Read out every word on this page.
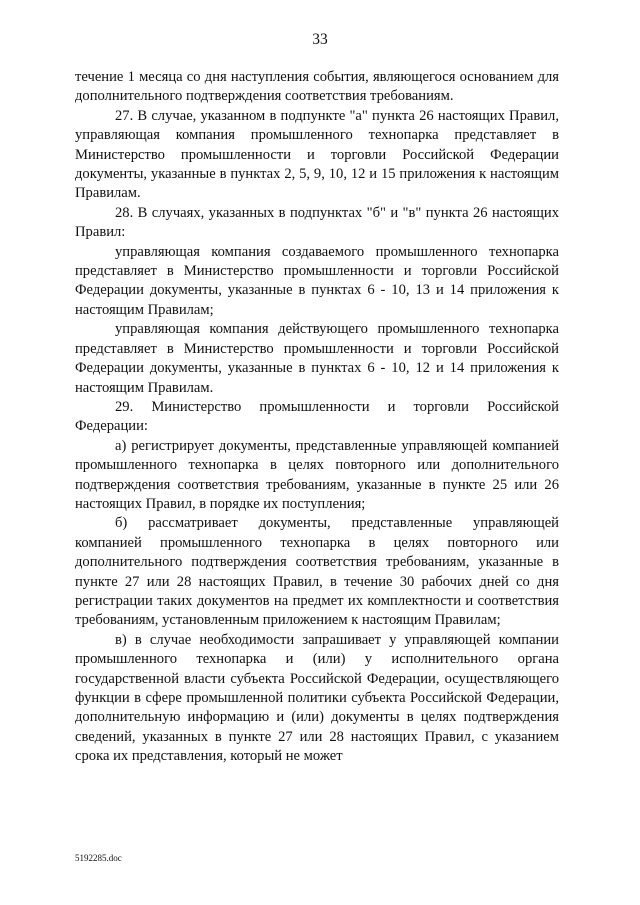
33

течение 1 месяца со дня наступления события, являющегося основанием для дополнительного подтверждения соответствия требованиям.

27. В случае, указанном в подпункте "а" пункта 26 настоящих Правил, управляющая компания промышленного технопарка представляет в Министерство промышленности и торговли Российской Федерации документы, указанные в пунктах 2, 5, 9, 10, 12 и 15 приложения к настоящим Правилам.

28. В случаях, указанных в подпунктах "б" и "в" пункта 26 настоящих Правил:

управляющая компания создаваемого промышленного технопарка представляет в Министерство промышленности и торговли Российской Федерации документы, указанные в пунктах 6 - 10, 13 и 14 приложения к настоящим Правилам;

управляющая компания действующего промышленного технопарка представляет в Министерство промышленности и торговли Российской Федерации документы, указанные в пунктах 6 - 10, 12 и 14 приложения к настоящим Правилам.

29. Министерство промышленности и торговли Российской Федерации:

а) регистрирует документы, представленные управляющей компанией промышленного технопарка в целях повторного или дополнительного подтверждения соответствия требованиям, указанные в пункте 25 или 26 настоящих Правил, в порядке их поступления;

б) рассматривает документы, представленные управляющей компанией промышленного технопарка в целях повторного или дополнительного подтверждения соответствия требованиям, указанные в пункте 27 или 28 настоящих Правил, в течение 30 рабочих дней со дня регистрации таких документов на предмет их комплектности и соответствия требованиям, установленным приложением к настоящим Правилам;

в) в случае необходимости запрашивает у управляющей компании промышленного технопарка и (или) у исполнительного органа государственной власти субъекта Российской Федерации, осуществляющего функции в сфере промышленной политики субъекта Российской Федерации, дополнительную информацию и (или) документы в целях подтверждения сведений, указанных в пункте 27 или 28 настоящих Правил, с указанием срока их представления, который не может

5192285.doc
